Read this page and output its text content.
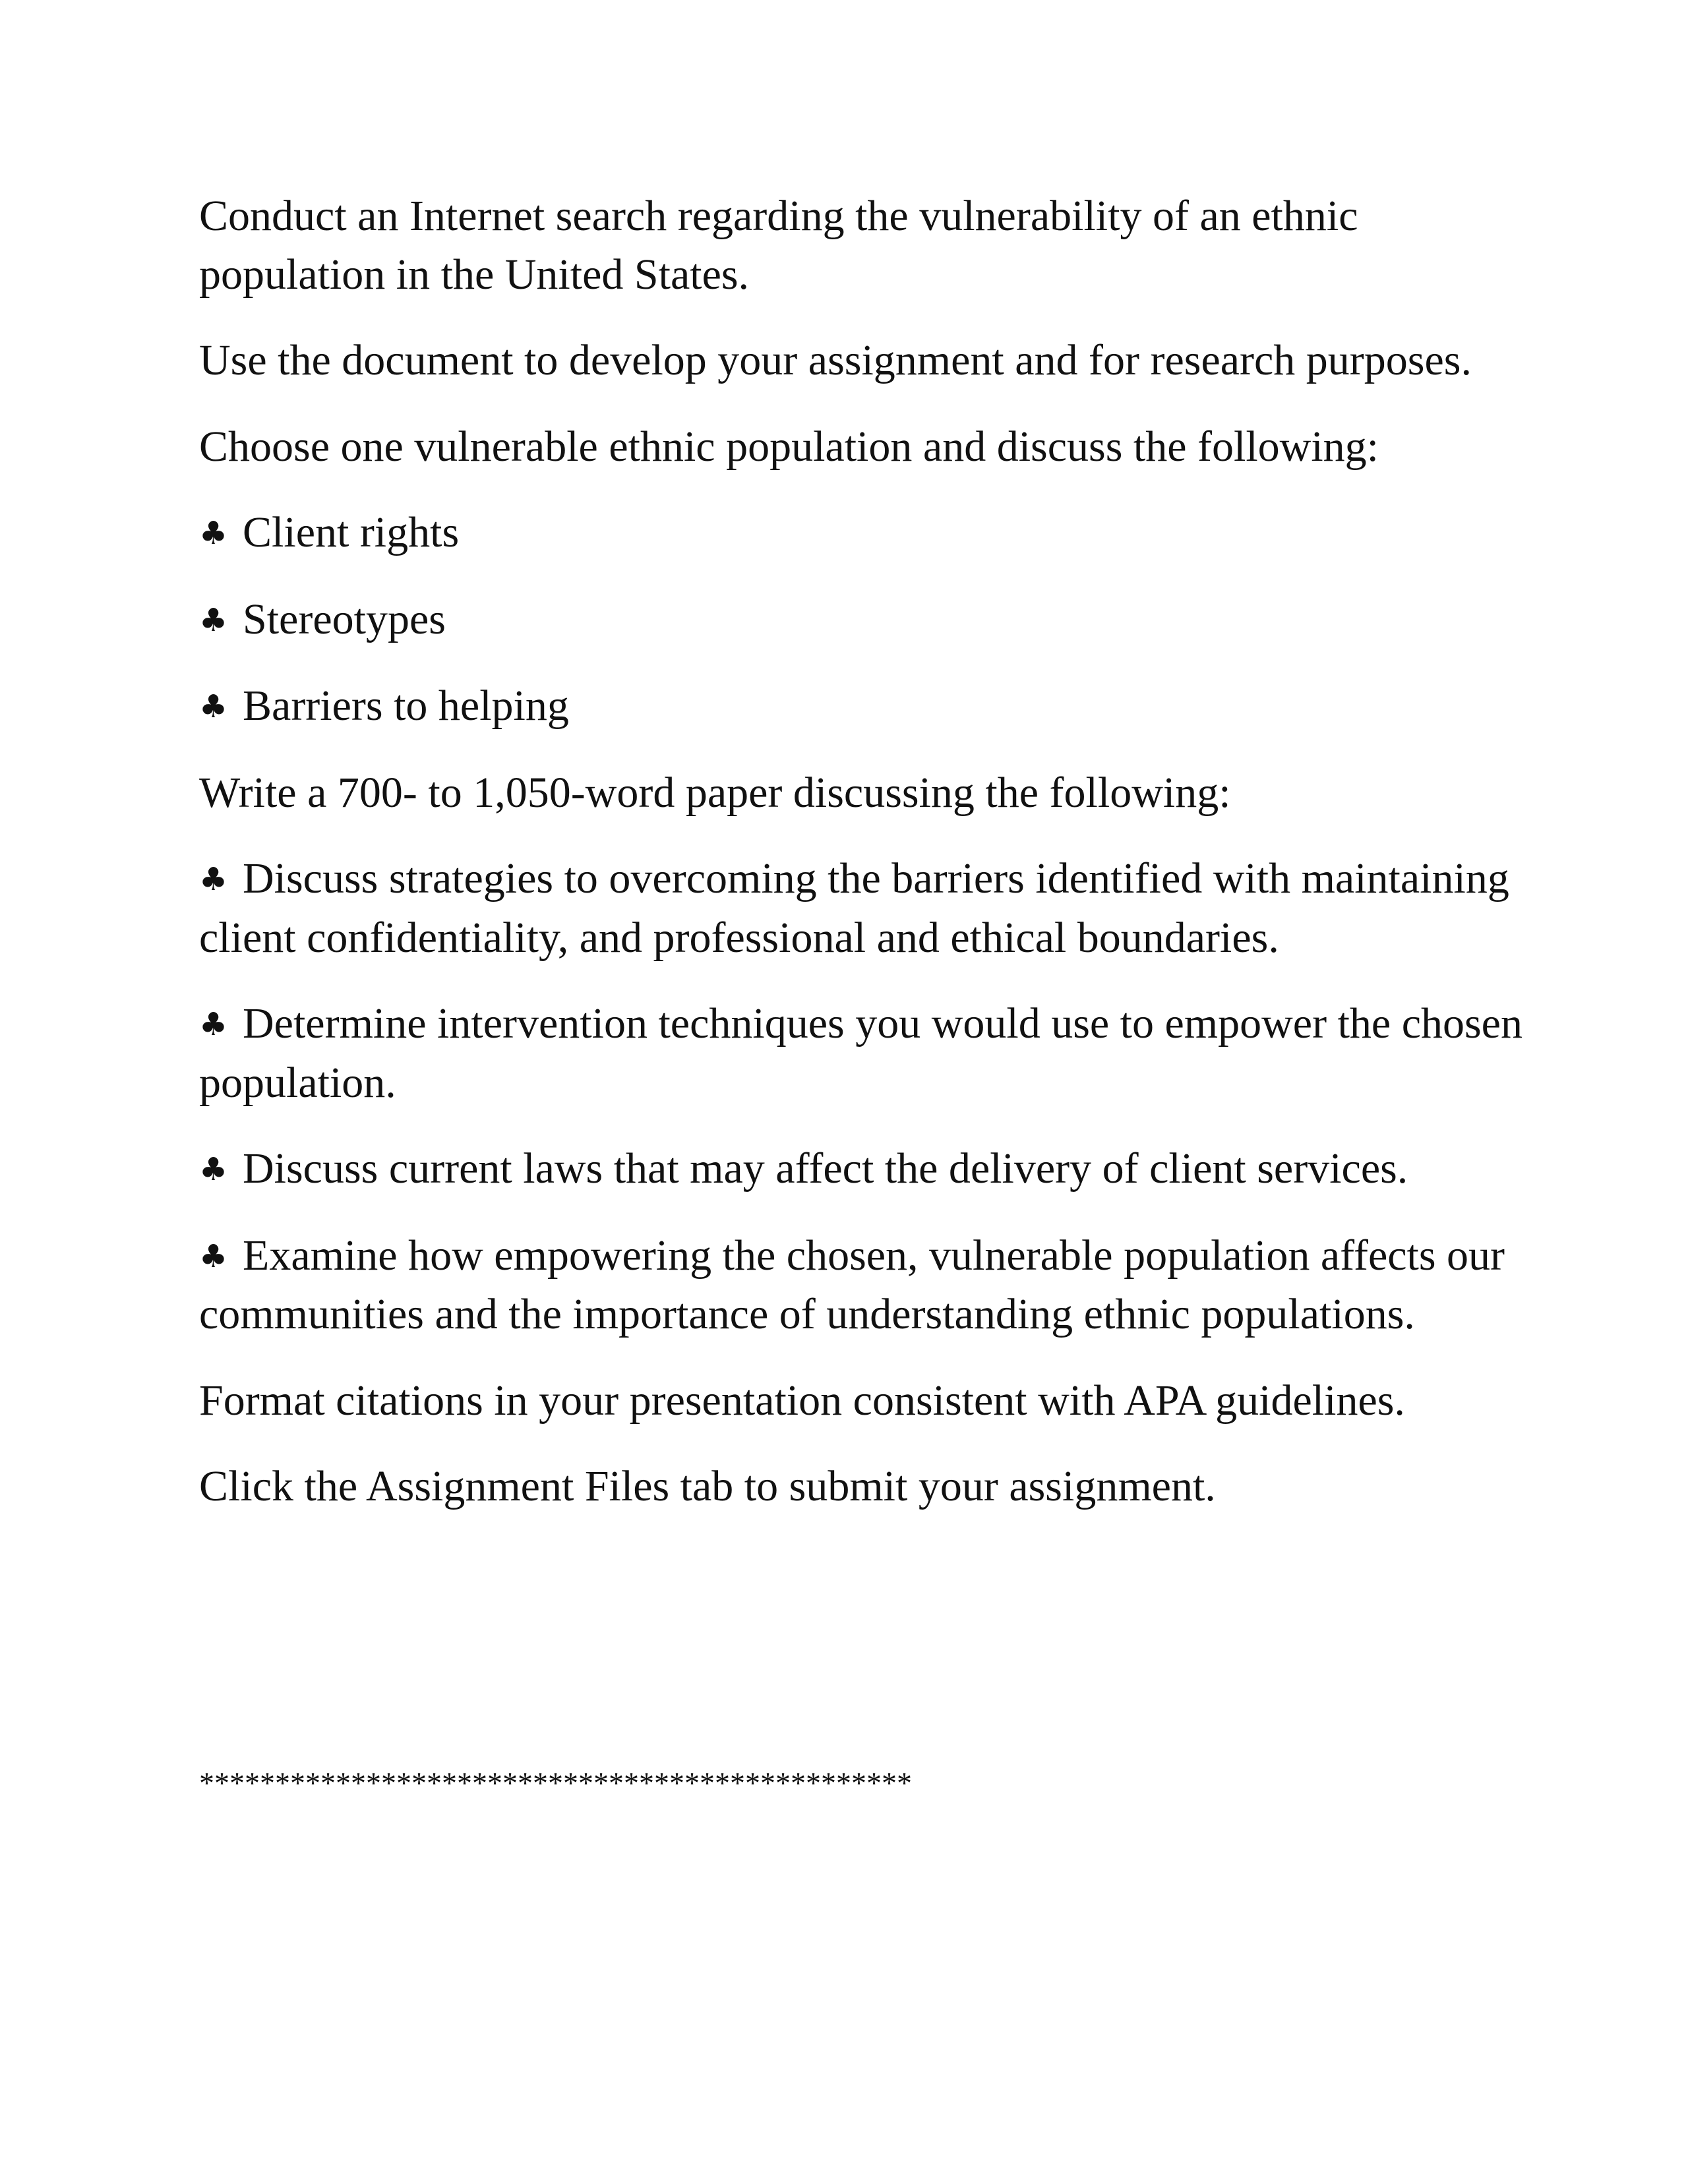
Conduct an Internet search regarding the vulnerability of an ethnic population in the United States.

Use the document to develop your assignment and for research purposes.

Choose one vulnerable ethnic population and discuss the following:

♣ Client rights

♣ Stereotypes

♣ Barriers to helping

Write a 700- to 1,050-word paper discussing the following:

♣ Discuss strategies to overcoming the barriers identified with maintaining client confidentiality, and professional and ethical boundaries.

♣ Determine intervention techniques you would use to empower the chosen population.

♣ Discuss current laws that may affect the delivery of client services.

♣ Examine how empowering the chosen, vulnerable population affects our communities and the importance of understanding ethnic populations.

Format citations in your presentation consistent with APA guidelines.

Click the Assignment Files tab to submit your assignment.

***********************************************
